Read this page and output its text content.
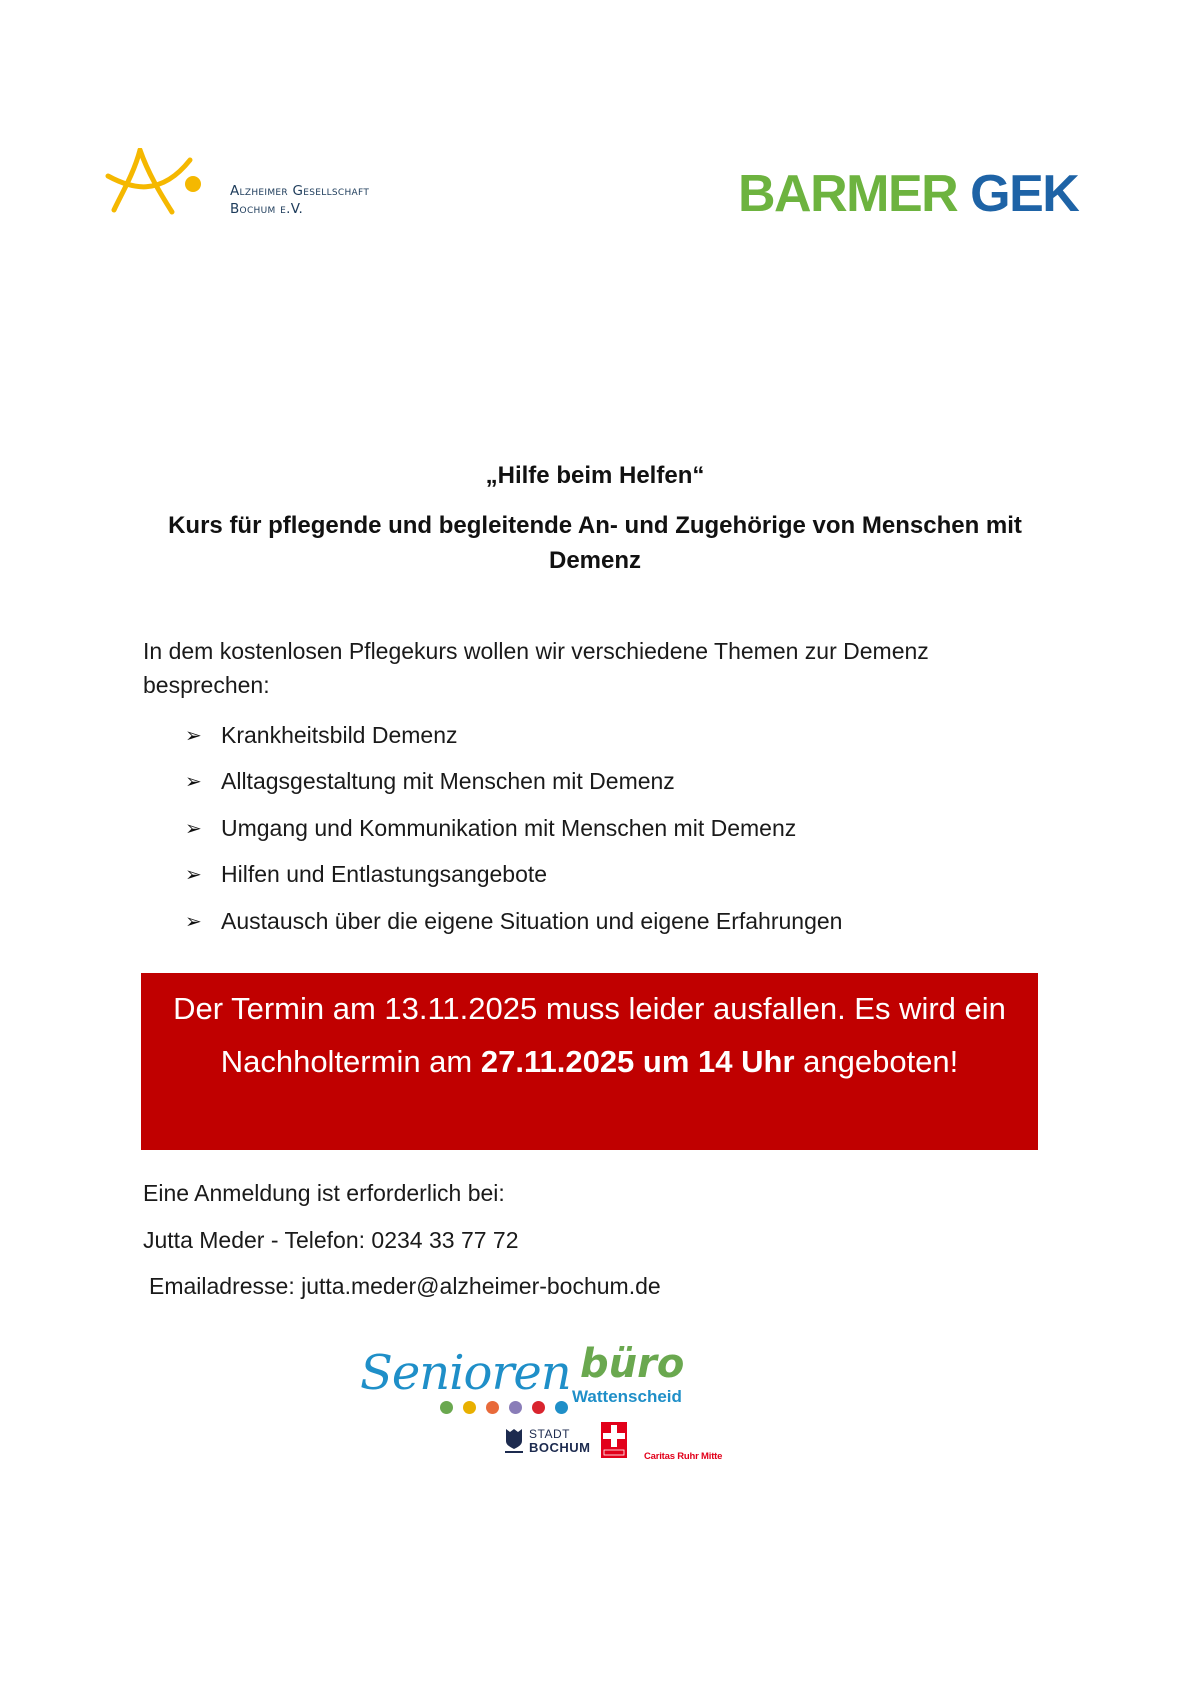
Alzheimer Gesellschaft
Bochum e.V.	BARMER GEK
„Hilfe beim Helfen“
Kurs für pflegende und begleitende An- und Zugehörige von Menschen mit Demenz
In dem kostenlosen Pflegekurs wollen wir verschiedene Themen zur Demenz besprechen:
➢ Krankheitsbild Demenz
➢ Alltagsgestaltung mit Menschen mit Demenz
➢ Umgang und Kommunikation mit Menschen mit Demenz
➢ Hilfen und Entlastungsangebote
➢ Austausch über die eigene Situation und eigene Erfahrungen
Der Termin am 13.11.2025 muss leider ausfallen. Es wird ein Nachholtermin am 27.11.2025 um 14 Uhr angeboten!
Eine Anmeldung ist erforderlich bei:
Jutta Meder - Telefon: 0234 33 77 72
Emailadresse: jutta.meder@alzheimer-bochum.de
Senioren büro
Wattenscheid
STADT
BOCHUM
Caritas Ruhr Mitte
